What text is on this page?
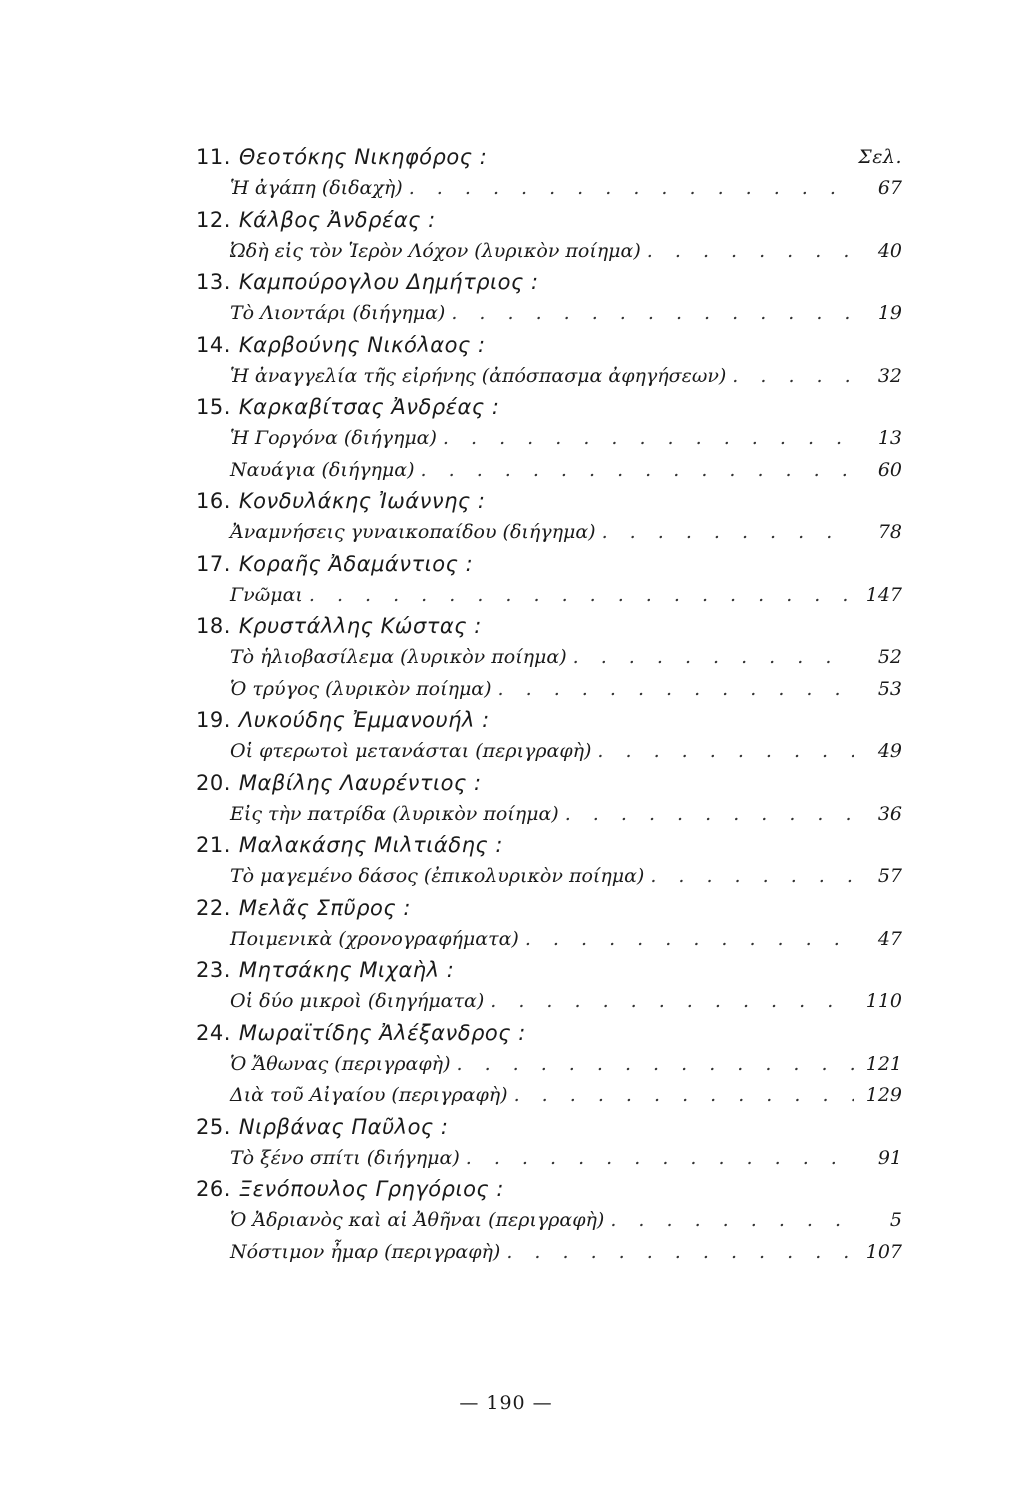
11. Θεοτόκης Νικηφόρος :	Σελ.
Ἡ ἀγάπη (διδαχὴ) . . .	67
12. Κάλβος Ἀνδρέας :
Ὠδὴ εἰς τὸν Ἱερὸν Λόχον (λυρικὸν ποίημα) . . .	40
13. Καμπούρογλου Δημήτριος :
Τὸ Λιοντάρι (διήγημα) . . .	19
14. Καρβούνης Νικόλαος :
Ἡ ἀναγγελία τῆς εἰρήνης (ἀπόσπασμα ἀφηγήσεων) . . .	32
15. Καρκαβίτσας Ἀνδρέας :
Ἡ Γοργόνα (διήγημα) . . .	13
Ναυάγια (διήγημα) . . .	60
16. Κονδυλάκης Ἰωάννης :
Ἀναμνήσεις γυναικοπαίδου (διήγημα) . . .	78
17. Κοραῆς Ἀδαμάντιος :
Γνῶμαι . . .	147
18. Κρυστάλλης Κώστας :
Τὸ ἡλιοβασίλεμα (λυρικὸν ποίημα) . . .	52
Ὁ τρύγος (λυρικὸν ποίημα) . . .	53
19. Λυκούδης Ἐμμανουήλ :
Οἱ φτερωτοὶ μετανάσται (περιγραφὴ) . . .	49
20. Μαβίλης Λαυρέντιος :
Εἰς τὴν πατρίδα (λυρικὸν ποίημα) . . .	36
21. Μαλακάσης Μιλτιάδης :
Τὸ μαγεμένο δάσος (ἐπικολυρικὸν ποίημα) . . .	57
22. Μελᾶς Σπῦρος :
Ποιμενικὰ (χρονογραφήματα) . . .	47
23. Μητσάκης Μιχαὴλ :
Οἱ δύο μικροὶ (διηγήματα) . . .	110
24. Μωραϊτίδης Ἀλέξανδρος :
Ὁ Ἄθωνας (περιγραφὴ) . . .	121
Διὰ τοῦ Αἰγαίου (περιγραφὴ) . . .	129
25. Νιρβάνας Παῦλος :
Τὸ ξένο σπίτι (διήγημα) . . .	91
26. Ξενόπουλος Γρηγόριος :
Ὁ Ἀδριανὸς καὶ αἱ Ἀθῆναι (περιγραφὴ) . . .	5
Νόστιμον ἦμαρ (περιγραφὴ) . . .	107
— 190 —
